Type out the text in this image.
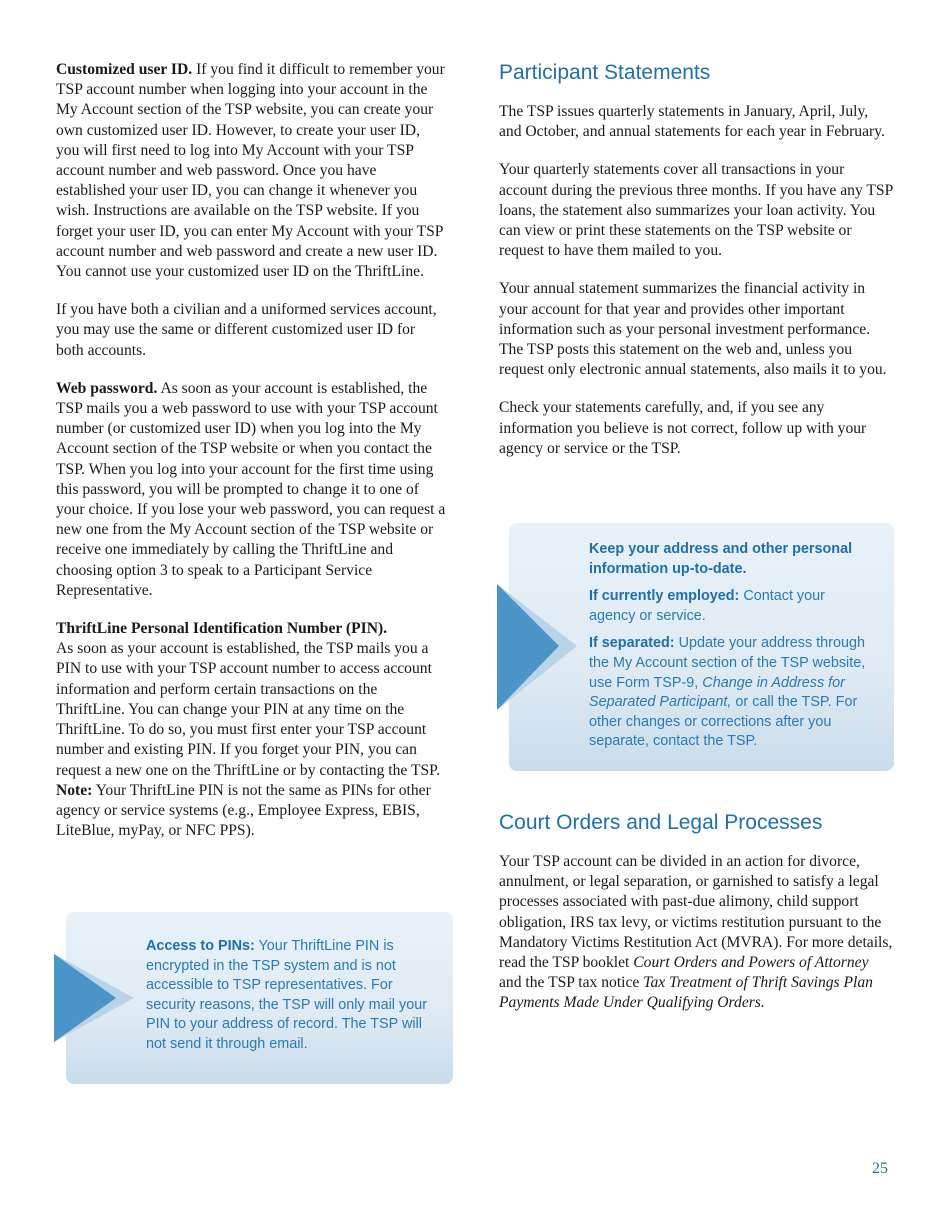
Customized user ID. If you find it difficult to remember your TSP account number when logging into your account in the My Account section of the TSP website, you can create your own customized user ID. However, to create your user ID, you will first need to log into My Account with your TSP account number and web password. Once you have established your user ID, you can change it whenever you wish. Instructions are available on the TSP website. If you forget your user ID, you can enter My Account with your TSP account number and web password and create a new user ID. You cannot use your customized user ID on the ThriftLine.

If you have both a civilian and a uniformed services account, you may use the same or different customized user ID for both accounts.

Web password. As soon as your account is established, the TSP mails you a web password to use with your TSP account number (or customized user ID) when you log into the My Account section of the TSP website or when you contact the TSP. When you log into your account for the first time using this password, you will be prompted to change it to one of your choice. If you lose your web password, you can request a new one from the My Account section of the TSP website or receive one immediately by calling the ThriftLine and choosing option 3 to speak to a Participant Service Representative.

ThriftLine Personal Identification Number (PIN).
As soon as your account is established, the TSP mails you a PIN to use with your TSP account number to access account information and perform certain transactions on the ThriftLine. You can change your PIN at any time on the ThriftLine. To do so, you must first enter your TSP account number and existing PIN. If you forget your PIN, you can request a new one on the ThriftLine or by contacting the TSP. Note: Your ThriftLine PIN is not the same as PINs for other agency or service systems (e.g., Employee Express, EBIS, LiteBlue, myPay, or NFC PPS).

Access to PINs: Your ThriftLine PIN is encrypted in the TSP system and is not accessible to TSP representatives. For security reasons, the TSP will only mail your PIN to your address of record. The TSP will not send it through email.

Participant Statements

The TSP issues quarterly statements in January, April, July, and October, and annual statements for each year in February.

Your quarterly statements cover all transactions in your account during the previous three months. If you have any TSP loans, the statement also summarizes your loan activity. You can view or print these statements on the TSP website or request to have them mailed to you.

Your annual statement summarizes the financial activity in your account for that year and provides other important information such as your personal investment performance. The TSP posts this statement on the web and, unless you request only electronic annual statements, also mails it to you.

Check your statements carefully, and, if you see any information you believe is not correct, follow up with your agency or service or the TSP.

Keep your address and other personal information up-to-date.

If currently employed: Contact your agency or service.

If separated: Update your address through the My Account section of the TSP website, use Form TSP-9, Change in Address for Separated Participant, or call the TSP. For other changes or corrections after you separate, contact the TSP.

Court Orders and Legal Processes

Your TSP account can be divided in an action for divorce, annulment, or legal separation, or garnished to satisfy a legal processes associated with past-due alimony, child support obligation, IRS tax levy, or victims restitution pursuant to the Mandatory Victims Restitution Act (MVRA). For more details, read the TSP booklet Court Orders and Powers of Attorney and the TSP tax notice Tax Treatment of Thrift Savings Plan Payments Made Under Qualifying Orders.

25
